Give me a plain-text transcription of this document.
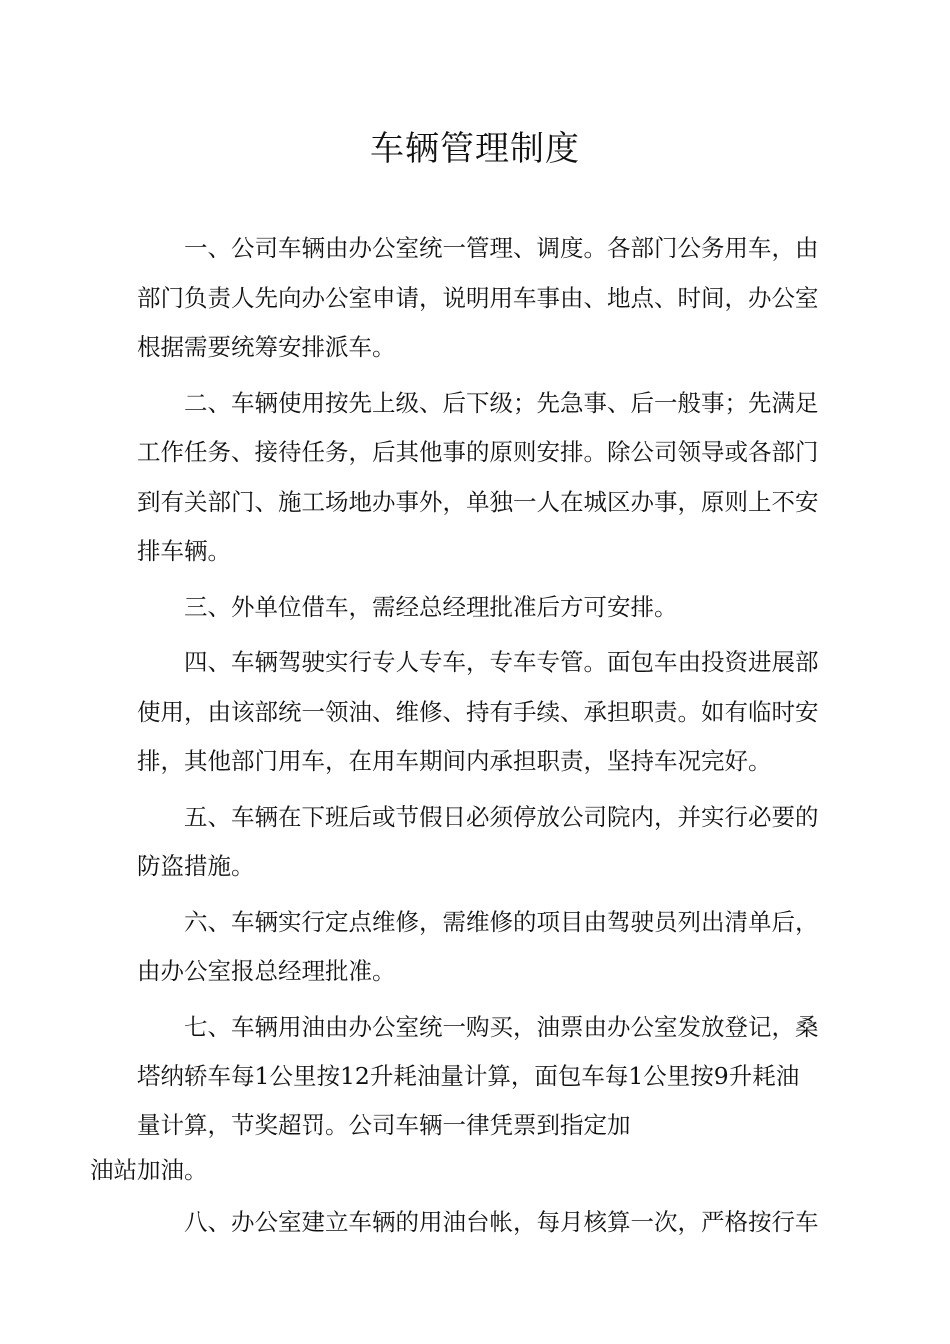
车辆管理制度

一、公司车辆由办公室统一管理、调度。各部门公务用车，由
部门负责人先向办公室申请，说明用车事由、地点、时间，办公室
根据需要统筹安排派车。

二、车辆使用按先上级、后下级；先急事、后一般事；先满足
工作任务、接待任务，后其他事的原则安排。除公司领导或各部门
到有关部门、施工场地办事外，单独一人在城区办事，原则上不安
排车辆。

三、外单位借车，需经总经理批准后方可安排。

四、车辆驾驶实行专人专车，专车专管。面包车由投资进展部
使用，由该部统一领油、维修、持有手续、承担职责。如有临时安
排，其他部门用车，在用车期间内承担职责，坚持车况完好。

五、车辆在下班后或节假日必须停放公司院内，并实行必要的
防盗措施。

六、车辆实行定点维修，需维修的项目由驾驶员列出清单后，
由办公室报总经理批准。

七、车辆用油由办公室统一购买，油票由办公室发放登记，桑
塔纳轿车每1公里按12升耗油量计算，面包车每1公里按9升耗油
量计算，节奖超罚。公司车辆一律凭票到指定加
油站加油。

八、办公室建立车辆的用油台帐，每月核算一次，严格按行车
